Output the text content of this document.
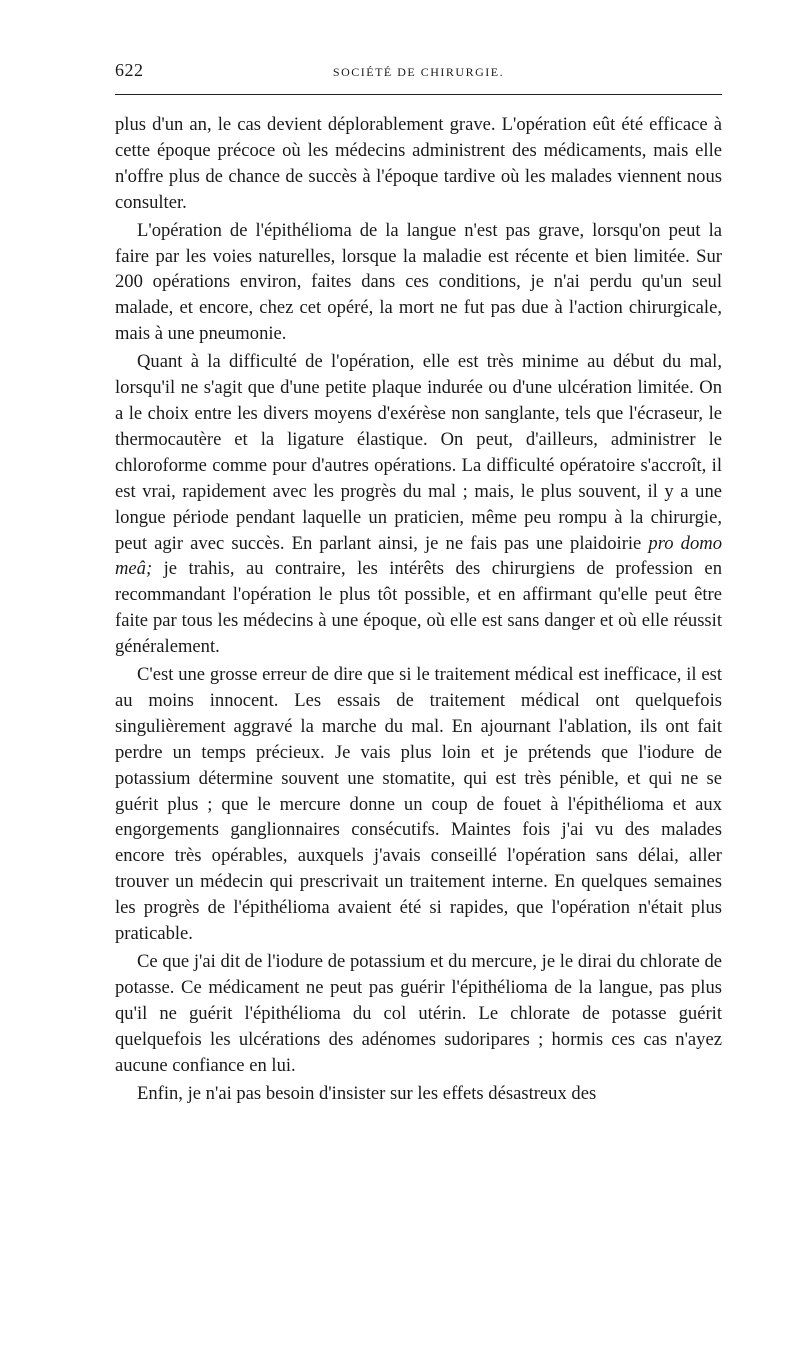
622	SOCIÉTÉ DE CHIRURGIE.

plus d'un an, le cas devient déplorablement grave. L'opération eût été efficace à cette époque précoce où les médecins administrent des médicaments, mais elle n'offre plus de chance de succès à l'époque tardive où les malades viennent nous consulter.

L'opération de l'épithélioma de la langue n'est pas grave, lorsqu'on peut la faire par les voies naturelles, lorsque la maladie est récente et bien limitée. Sur 200 opérations environ, faites dans ces conditions, je n'ai perdu qu'un seul malade, et encore, chez cet opéré, la mort ne fut pas due à l'action chirurgicale, mais à une pneumonie.

Quant à la difficulté de l'opération, elle est très minime au début du mal, lorsqu'il ne s'agit que d'une petite plaque indurée ou d'une ulcération limitée. On a le choix entre les divers moyens d'exérèse non sanglante, tels que l'écraseur, le thermocautère et la ligature élastique. On peut, d'ailleurs, administrer le chloroforme comme pour d'autres opérations. La difficulté opératoire s'accroît, il est vrai, rapidement avec les progrès du mal ; mais, le plus souvent, il y a une longue période pendant laquelle un praticien, même peu rompu à la chirurgie, peut agir avec succès. En parlant ainsi, je ne fais pas une plaidoirie pro domo meâ; je trahis, au contraire, les intérêts des chirurgiens de profession en recommandant l'opération le plus tôt possible, et en affirmant qu'elle peut être faite par tous les médecins à une époque, où elle est sans danger et où elle réussit généralement.

C'est une grosse erreur de dire que si le traitement médical est inefficace, il est au moins innocent. Les essais de traitement médical ont quelquefois singulièrement aggravé la marche du mal. En ajournant l'ablation, ils ont fait perdre un temps précieux. Je vais plus loin et je prétends que l'iodure de potassium détermine souvent une stomatite, qui est très pénible, et qui ne se guérit plus ; que le mercure donne un coup de fouet à l'épithélioma et aux engorgements ganglionnaires consécutifs. Maintes fois j'ai vu des malades encore très opérables, auxquels j'avais conseillé l'opération sans délai, aller trouver un médecin qui prescrivait un traitement interne. En quelques semaines les progrès de l'épithélioma avaient été si rapides, que l'opération n'était plus praticable.

Ce que j'ai dit de l'iodure de potassium et du mercure, je le dirai du chlorate de potasse. Ce médicament ne peut pas guérir l'épithélioma de la langue, pas plus qu'il ne guérit l'épithélioma du col utérin. Le chlorate de potasse guérit quelquefois les ulcérations des adénomes sudoripares ; hormis ces cas n'ayez aucune confiance en lui.

Enfin, je n'ai pas besoin d'insister sur les effets désastreux des
